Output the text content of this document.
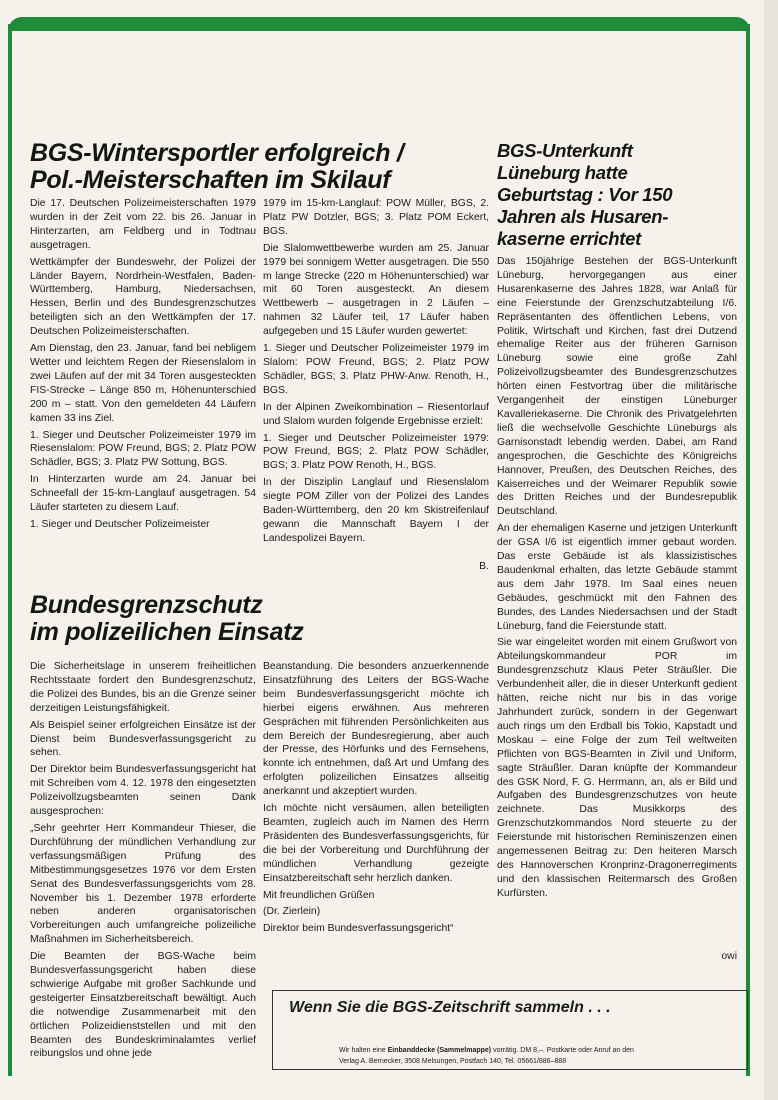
BGS-Wintersportler erfolgreich /
Pol.-Meisterschaften im Skilauf

Die 17. Deutschen Polizeimeisterschaften 1979 wurden in der Zeit vom 22. bis 26. Januar in Hinterzarten, am Feldberg und in Todtnau ausgetragen.

Wettkämpfer der Bundeswehr, der Polizei der Länder Bayern, Nordrhein-Westfalen, Baden-Württemberg, Hamburg, Niedersachsen, Hessen, Berlin und des Bundesgrenzschutzes beteiligten sich an den Wettkämpfen der 17. Deutschen Polizeimeisterschaften.

Am Dienstag, den 23. Januar, fand bei nebligem Wetter und leichtem Regen der Riesenslalom in zwei Läufen auf der mit 34 Toren ausgesteckten FIS-Strecke – Länge 850 m, Höhenunterschied 200 m – statt. Von den gemeldeten 44 Läufern kamen 33 ins Ziel.

1. Sieger und Deutscher Polizeimeister 1979 im Riesenslalom: POW Freund, BGS; 2. Platz POW Schädler, BGS; 3. Platz PW Sottung, BGS.

In Hinterzarten wurde am 24. Januar bei Schneefall der 15-km-Langlauf ausgetragen. 54 Läufer starteten zu diesem Lauf.

1. Sieger und Deutscher Polizeimeister

1979 im 15-km-Langlauf: POW Müller, BGS, 2. Platz PW Dotzler, BGS; 3. Platz POM Eckert, BGS.

Die Slalomwettbewerbe wurden am 25. Januar 1979 bei sonnigem Wetter ausgetragen. Die 550 m lange Strecke (220 m Höhenunterschied) war mit 60 Toren ausgesteckt. An diesem Wettbewerb – ausgetragen in 2 Läufen – nahmen 32 Läufer teil, 17 Läufer haben aufgegeben und 15 Läufer wurden gewertet:

1. Sieger und Deutscher Polizeimeister 1979 im Slalom: POW Freund, BGS; 2. Platz POW Schädler, BGS; 3. Platz PHW-Anw. Renoth, H., BGS.

In der Alpinen Zweikombination – Riesentorlauf und Slalom wurden folgende Ergebnisse erzielt:

1. Sieger und Deutscher Polizeimeister 1979: POW Freund, BGS; 2. Platz POW Schädler, BGS; 3. Platz POW Renoth, H., BGS.

In der Disziplin Langlauf und Riesenslalom siegte POM Ziller von der Polizei des Landes Baden-Württemberg, den 20 km Skistreifenlauf gewann die Mannschaft Bayern I der Landespolizei Bayern.

B.

Bundesgrenzschutz
im polizeilichen Einsatz

Die Sicherheitslage in unserem freiheitlichen Rechtsstaate fordert den Bundesgrenzschutz, die Polizei des Bundes, bis an die Grenze seiner derzeitigen Leistungsfähigkeit.

Als Beispiel seiner erfolgreichen Einsätze ist der Dienst beim Bundesverfassungsgericht zu sehen.

Der Direktor beim Bundesverfassungsgericht hat mit Schreiben vom 4. 12. 1978 den eingesetzten Polizeivollzugsbeamten seinen Dank ausgesprochen:

„Sehr geehrter Herr Kommandeur Thieser, die Durchführung der mündlichen Verhandlung zur verfassungsmäßigen Prüfung des Mitbestimmungsgesetzes 1976 vor dem Ersten Senat des Bundesverfassungsgerichts vom 28. November bis 1. Dezember 1978 erforderte neben anderen organisatorischen Vorbereitungen auch umfangreiche polizeiliche Maßnahmen im Sicherheitsbereich.

Die Beamten der BGS-Wache beim Bundesverfassungsgericht haben diese schwierige Aufgabe mit großer Sachkunde und gesteigerter Einsatzbereitschaft bewältigt. Auch die notwendige Zusammenarbeit mit den örtlichen Polizeidienststellen und mit den Beamten des Bundeskriminalamtes verlief reibungslos und ohne jede

Beanstandung. Die besonders anzuerkennende Einsatzführung des Leiters der BGS-Wache beim Bundesverfassungsgericht möchte ich hierbei eigens erwähnen. Aus mehreren Gesprächen mit führenden Persönlichkeiten aus dem Bereich der Bundesregierung, aber auch der Presse, des Hörfunks und des Fernsehens, konnte ich entnehmen, daß Art und Umfang des erfolgten polizeilichen Einsatzes allseitig anerkannt und akzeptiert wurden.

Ich möchte nicht versäumen, allen beteiligten Beamten, zugleich auch im Namen des Herrn Präsidenten des Bundesverfassungsgerichts, für die bei der Vorbereitung und Durchführung der mündlichen Verhandlung gezeigte Einsatzbereitschaft sehr herzlich danken.

Mit freundlichen Grüßen

(Dr. Zierlein)

Direktor beim Bundesverfassungsgericht“

BGS-Unterkunft
Lüneburg hatte
Geburtstag : Vor 150
Jahren als Husaren-
kaserne errichtet

Das 150jährige Bestehen der BGS-Unterkunft Lüneburg, hervorgegangen aus einer Husarenkaserne des Jahres 1828, war Anlaß für eine Feierstunde der Grenzschutzabteilung I/6. Repräsentanten des öffentlichen Lebens, von Politik, Wirtschaft und Kirchen, fast drei Dutzend ehemalige Reiter aus der früheren Garnison Lüneburg sowie eine große Zahl Polizeivollzugsbeamter des Bundesgrenzschutzes hörten einen Festvortrag über die militärische Vergangenheit der einstigen Lüneburger Kavalleriekaserne. Die Chronik des Privatgelehrten ließ die wechselvolle Geschichte Lüneburgs als Garnisonstadt lebendig werden. Dabei, am Rand angesprochen, die Geschichte des Königreichs Hannover, Preußen, des Deutschen Reiches, des Kaiserreiches und der Weimarer Republik sowie des Dritten Reiches und der Bundesrepublik Deutschland.

An der ehemaligen Kaserne und jetzigen Unterkunft der GSA I/6 ist eigentlich immer gebaut worden. Das erste Gebäude ist als klassizistisches Baudenkmal erhalten, das letzte Gebäude stammt aus dem Jahr 1978. Im Saal eines neuen Gebäudes, geschmückt mit den Fahnen des Bundes, des Landes Niedersachsen und der Stadt Lüneburg, fand die Feierstunde statt.

Sie war eingeleitet worden mit einem Grußwort von Abteilungskommandeur POR im Bundesgrenzschutz Klaus Peter Sträußler. Die Verbundenheit aller, die in dieser Unterkunft gedient hätten, reiche nicht nur bis in das vorige Jahrhundert zurück, sondern in der Gegenwart auch rings um den Erdball bis Tokio, Kapstadt und Moskau – eine Folge der zum Teil weltweiten Pflichten von BGS-Beamten in Zivil und Uniform, sagte Sträußler. Daran knüpfte der Kommandeur des GSK Nord, F. G. Herrmann, an, als er Bild und Aufgaben des Bundesgrenzschutzes von heute zeichnete. Das Musikkorps des Grenzschutzkommandos Nord steuerte zu der Feierstunde mit historischen Reminiszenzen einen angemessenen Beitrag zu: Den heiteren Marsch des Hannoverschen Kronprinz-Dragonerregiments und den klassischen Reitermarsch des Großen Kurfürsten.

owi

Wenn Sie die BGS-Zeitschrift sammeln . . .
Wir halten eine Einbanddecke (Sammelmappe) vorrätig. DM 8,–. Postkarte oder Anruf an den
Verlag A. Bernecker, 3508 Melsungen, Postfach 140, Tel. 05661/886–888
